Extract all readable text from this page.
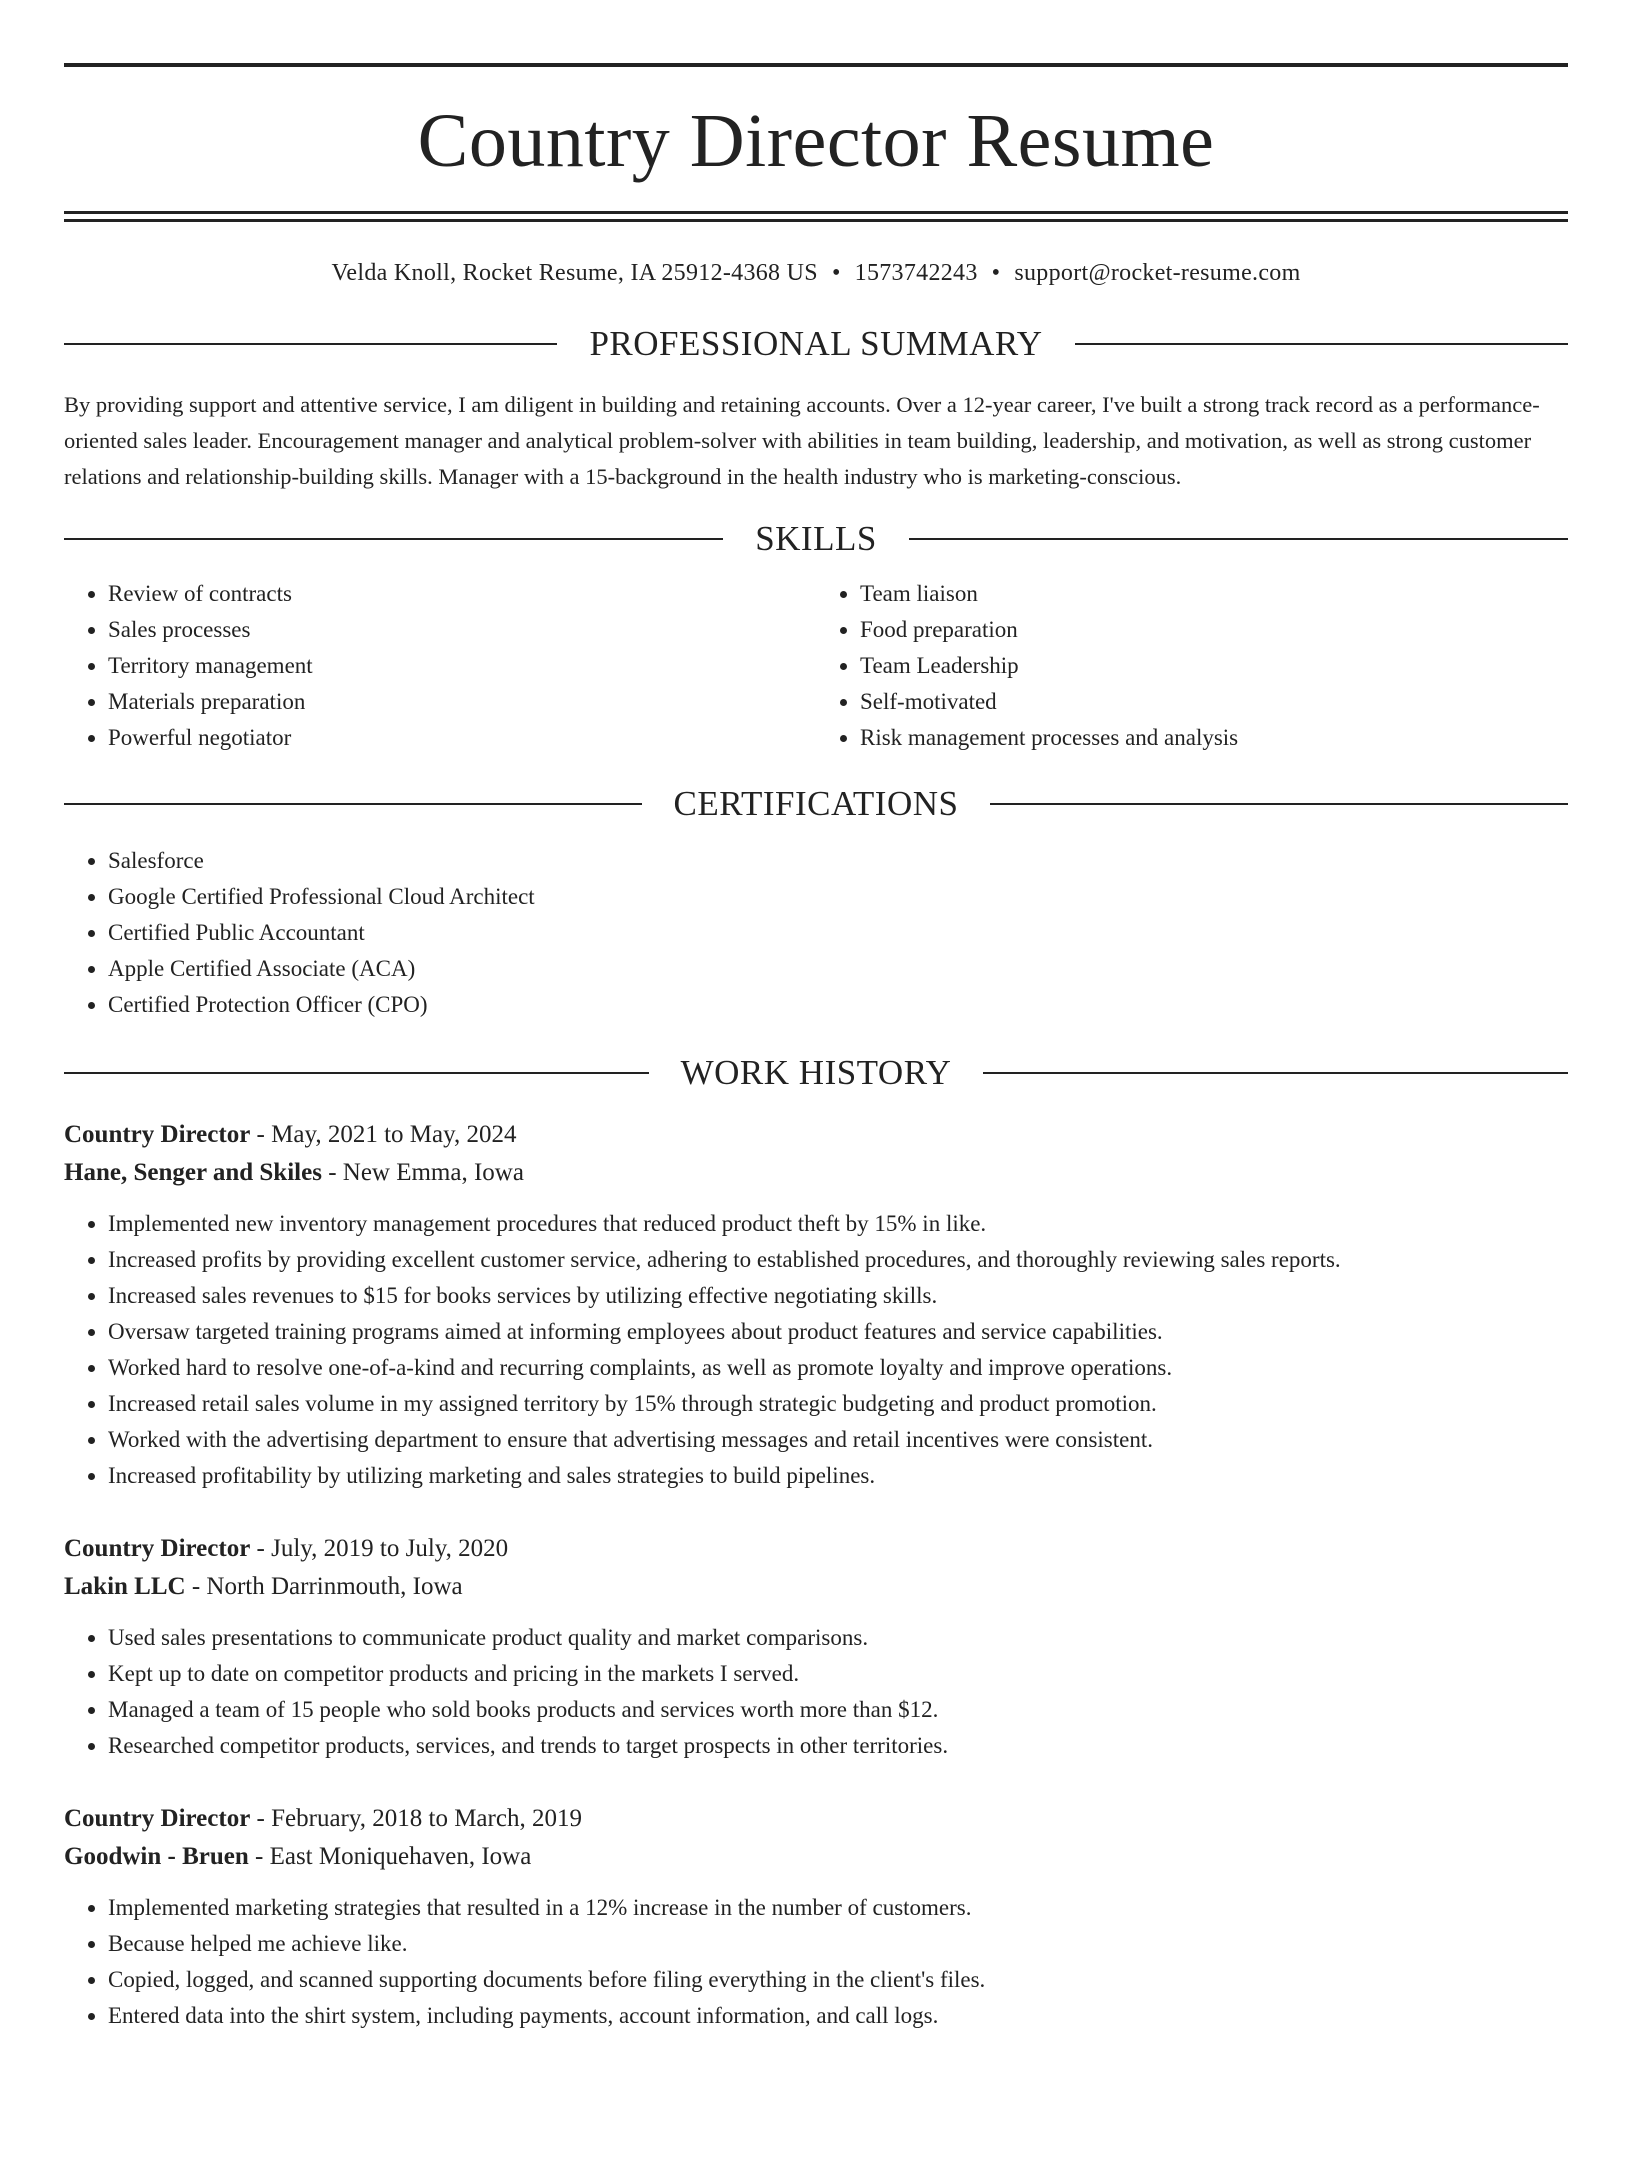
Country Director Resume
Velda Knoll, Rocket Resume, IA 25912-4368 US • 1573742243 • support@rocket-resume.com
PROFESSIONAL SUMMARY
By providing support and attentive service, I am diligent in building and retaining accounts. Over a 12-year career, I've built a strong track record as a performance-oriented sales leader. Encouragement manager and analytical problem-solver with abilities in team building, leadership, and motivation, as well as strong customer relations and relationship-building skills. Manager with a 15-background in the health industry who is marketing-conscious.
SKILLS
• Review of contracts
• Sales processes
• Territory management
• Materials preparation
• Powerful negotiator
• Team liaison
• Food preparation
• Team Leadership
• Self-motivated
• Risk management processes and analysis
CERTIFICATIONS
• Salesforce
• Google Certified Professional Cloud Architect
• Certified Public Accountant
• Apple Certified Associate (ACA)
• Certified Protection Officer (CPO)
WORK HISTORY
Country Director - May, 2021 to May, 2024
Hane, Senger and Skiles - New Emma, Iowa
• Implemented new inventory management procedures that reduced product theft by 15% in like.
• Increased profits by providing excellent customer service, adhering to established procedures, and thoroughly reviewing sales reports.
• Increased sales revenues to $15 for books services by utilizing effective negotiating skills.
• Oversaw targeted training programs aimed at informing employees about product features and service capabilities.
• Worked hard to resolve one-of-a-kind and recurring complaints, as well as promote loyalty and improve operations.
• Increased retail sales volume in my assigned territory by 15% through strategic budgeting and product promotion.
• Worked with the advertising department to ensure that advertising messages and retail incentives were consistent.
• Increased profitability by utilizing marketing and sales strategies to build pipelines.
Country Director - July, 2019 to July, 2020
Lakin LLC - North Darrinmouth, Iowa
• Used sales presentations to communicate product quality and market comparisons.
• Kept up to date on competitor products and pricing in the markets I served.
• Managed a team of 15 people who sold books products and services worth more than $12.
• Researched competitor products, services, and trends to target prospects in other territories.
Country Director - February, 2018 to March, 2019
Goodwin - Bruen - East Moniquehaven, Iowa
• Implemented marketing strategies that resulted in a 12% increase in the number of customers.
• Because helped me achieve like.
• Copied, logged, and scanned supporting documents before filing everything in the client's files.
• Entered data into the shirt system, including payments, account information, and call logs.
